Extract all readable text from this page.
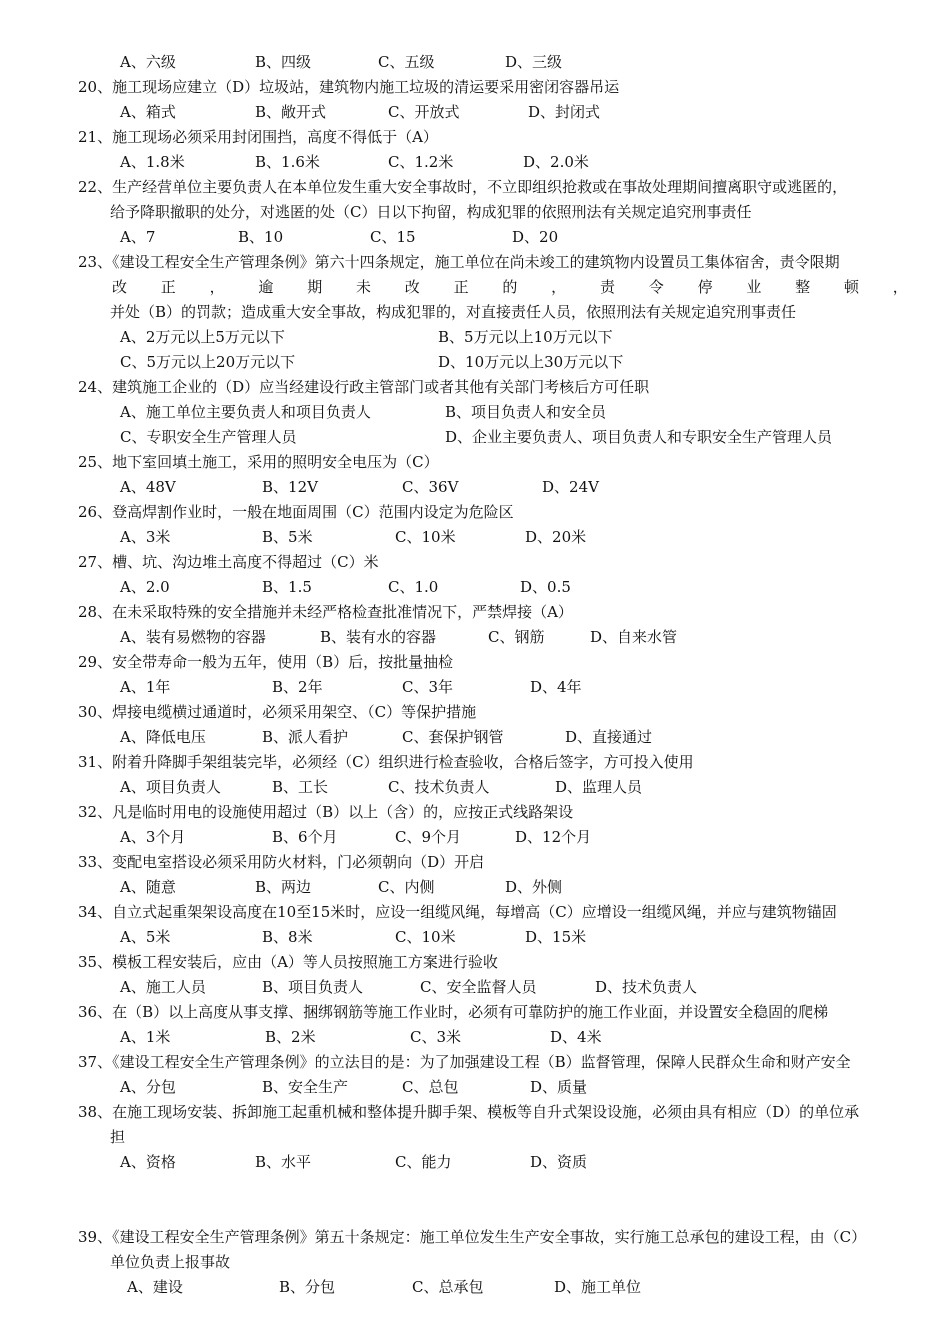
A、六级	B、四级	C、五级	D、三级
20、施工现场应建立（D）垃圾站，建筑物内施工垃圾的清运要采用密闭容器吊运
A、箱式	B、敞开式	C、开放式	D、封闭式
21、施工现场必须采用封闭围挡，高度不得低于（A）
A、1.8米	B、1.6米	C、1.2米	D、2.0米
22、生产经营单位主要负责人在本单位发生重大安全事故时，不立即组织抢救或在事故处理期间擅离职守或逃匿的，
给予降职撤职的处分，对逃匿的处（C）日以下拘留，构成犯罪的依照刑法有关规定追究刑事责任
A、7	B、10	C、15	D、20
23、《建设工程安全生产管理条例》第六十四条规定，施工单位在尚未竣工的建筑物内设置员工集体宿舍，责令限期
改 正 ， 逾 期 未 改 正 的 ， 责 令 停 业 整 顿 ，
并处（B）的罚款；造成重大安全事故，构成犯罪的，对直接责任人员，依照刑法有关规定追究刑事责任
A、2万元以上5万元以下	B、5万元以上10万元以下
C、5万元以上20万元以下	D、10万元以上30万元以下
24、建筑施工企业的（D）应当经建设行政主管部门或者其他有关部门考核后方可任职
A、施工单位主要负责人和项目负责人	B、项目负责人和安全员
C、专职安全生产管理人员	D、企业主要负责人、项目负责人和专职安全生产管理人员
25、地下室回填土施工，采用的照明安全电压为（C）
A、48V	B、12V	C、36V	D、24V
26、登高焊割作业时，一般在地面周围（C）范围内设定为危险区
A、3米	B、5米	C、10米	D、20米
27、槽、坑、沟边堆土高度不得超过（C）米
A、2.0	B、1.5	C、1.0	D、0.5
28、在未采取特殊的安全措施并未经严格检查批准情况下，严禁焊接（A）
A、装有易燃物的容器	B、装有水的容器	C、钢筋	D、自来水管
29、安全带寿命一般为五年，使用（B）后，按批量抽检
A、1年	B、2年	C、3年	D、4年
30、焊接电缆横过通道时，必须采用架空、（C）等保护措施
A、降低电压	B、派人看护	C、套保护钢管	D、直接通过
31、附着升降脚手架组装完毕，必须经（C）组织进行检查验收，合格后签字，方可投入使用
A、项目负责人	B、工长	C、技术负责人	D、监理人员
32、凡是临时用电的设施使用超过（B）以上（含）的，应按正式线路架设
A、3个月	B、6个月	C、9个月	D、12个月
33、变配电室搭设必须采用防火材料，门必须朝向（D）开启
A、随意	B、两边	C、内侧	D、外侧
34、自立式起重架架设高度在10至15米时，应设一组缆风绳，每增高（C）应增设一组缆风绳，并应与建筑物锚固
A、5米	B、8米	C、10米	D、15米
35、模板工程安装后，应由（A）等人员按照施工方案进行验收
A、施工人员	B、项目负责人	C、安全监督人员	D、技术负责人
36、在（B）以上高度从事支撑、捆绑钢筋等施工作业时，必须有可靠防护的施工作业面，并设置安全稳固的爬梯
A、1米	B、2米	C、3米	D、4米
37、《建设工程安全生产管理条例》的立法目的是：为了加强建设工程（B）监督管理，保障人民群众生命和财产安全
A、分包	B、安全生产	C、总包	D、质量
38、在施工现场安装、拆卸施工起重机械和整体提升脚手架、模板等自升式架设设施，必须由具有相应（D）的单位承
担
A、资格	B、水平	C、能力	D、资质
39、《建设工程安全生产管理条例》第五十条规定：施工单位发生生产安全事故，实行施工总承包的建设工程，由（C）
单位负责上报事故
A、建设	B、分包	C、总承包	D、施工单位
